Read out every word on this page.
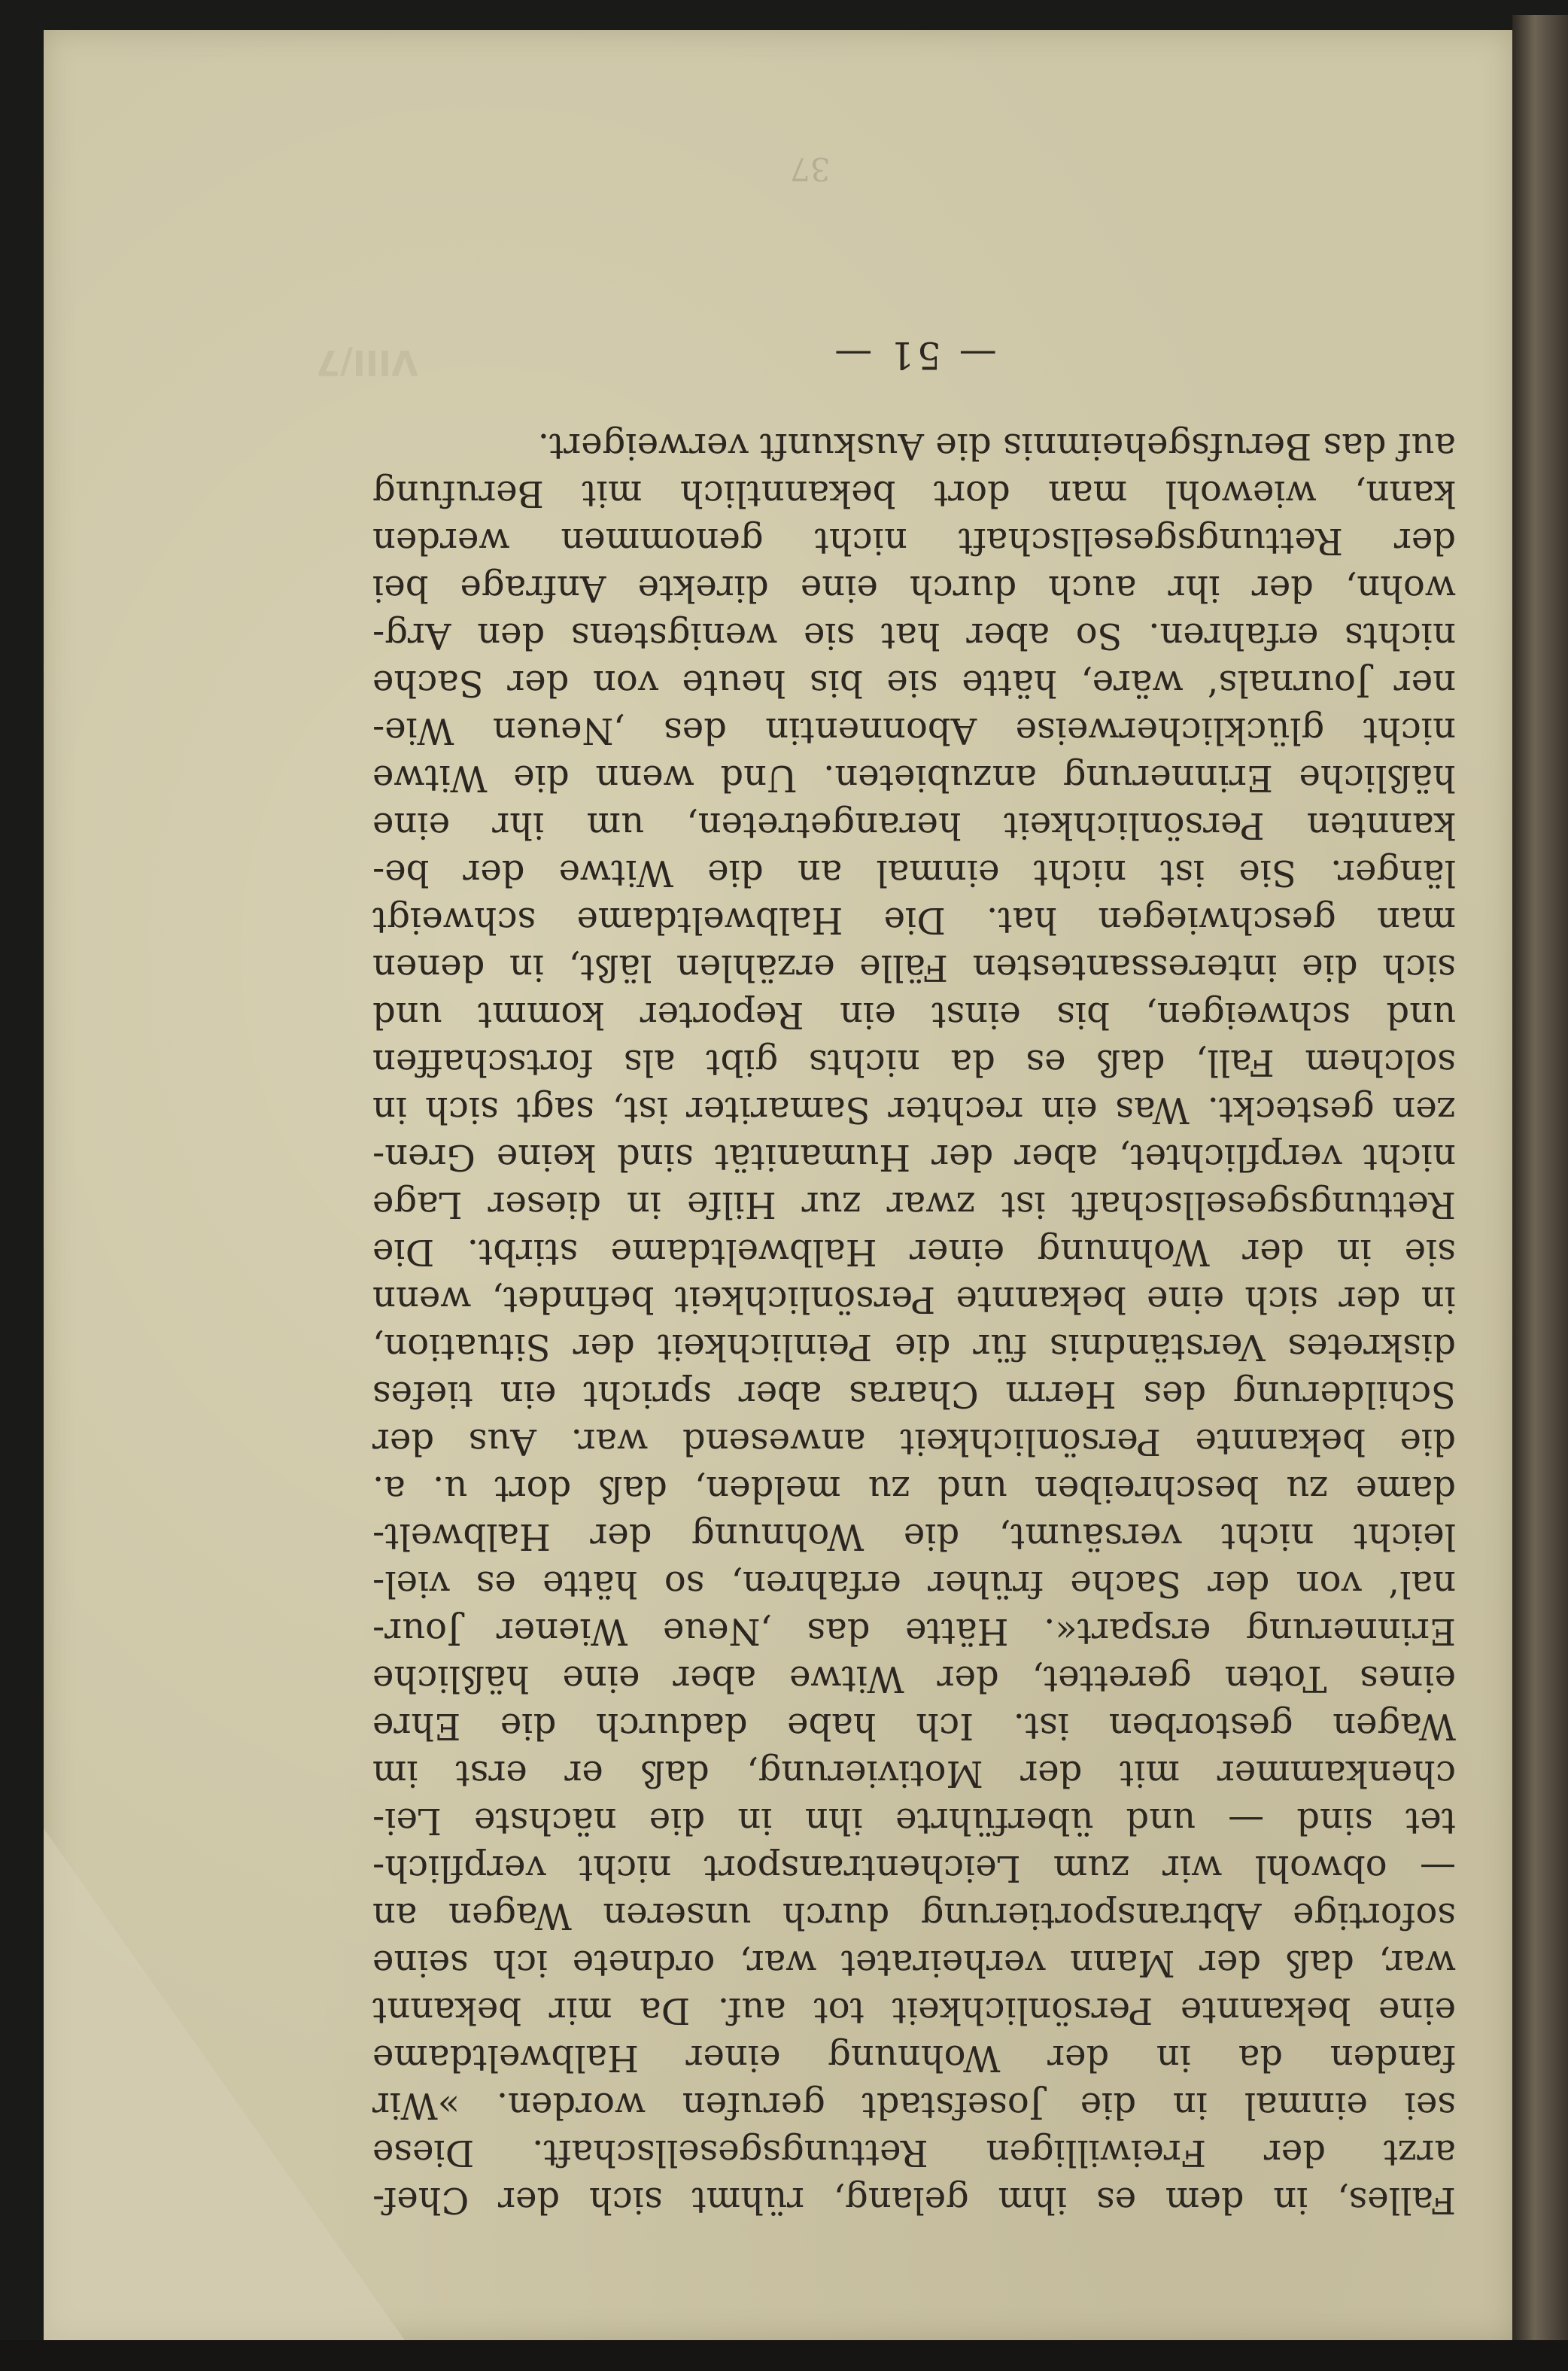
37
VIII/7
Falles, in dem es ihm gelang, rühmt sich der Chef-
arzt der Freiwilligen Rettungsgesellschaft. Diese
sei einmal in die Josefstadt gerufen worden. »Wir
fanden da in der Wohnung einer Halbweltdame
eine bekannte Persönlichkeit tot auf. Da mir bekannt
war, daß der Mann verheiratet war, ordnete ich seine
sofortige Abtransportierung durch unseren Wagen an
— obwohl wir zum Leichentransport nicht verpflich-
tet sind — und überführte ihn in die nächste Lei-
chenkammer mit der Motivierung, daß er erst im
Wagen gestorben ist. Ich habe dadurch die Ehre
eines Toten gerettet, der Witwe aber eine häßliche
Erinnerung erspart«. Hätte das ‚Neue Wiener Jour-
nal‘ von der Sache früher erfahren, so hätte es viel-
leicht nicht versäumt, die Wohnung der Halbwelt-
dame zu beschreiben und zu melden, daß dort u. a.
die bekannte Persönlichkeit anwesend war. Aus der
Schilderung des Herrn Charas aber spricht ein tiefes
diskretes Verständnis für die Peinlichkeit der Situation,
in der sich eine bekannte Persönlichkeit befindet, wenn
sie in der Wohnung einer Halbweltdame stirbt. Die
Rettungsgesellschaft ist zwar zur Hilfe in dieser Lage
nicht verpflichtet, aber der Humanität sind keine Gren-
zen gesteckt. Was ein rechter Samariter ist, sagt sich in
solchem Fall, daß es da nichts gibt als fortschaffen
und schweigen, bis einst ein Reporter kommt und
sich die interessantesten Fälle erzählen läßt, in denen
man geschwiegen hat. Die Halbweltdame schweigt
länger. Sie ist nicht einmal an die Witwe der be-
kannten Persönlichkeit herangetreten, um ihr eine
häßliche Erinnerung anzubieten. Und wenn die Witwe
nicht glücklicherweise Abonnentin des ‚Neuen Wie-
ner Journals‘ wäre, hätte sie bis heute von der Sache
nichts erfahren. So aber hat sie wenigstens den Arg-
wohn, der ihr auch durch eine direkte Anfrage bei
der Rettungsgesellschaft nicht genommen werden
kann, wiewohl man dort bekanntlich mit Berufung
auf das Berufsgeheimnis die Auskunft verweigert.
— 51 —
